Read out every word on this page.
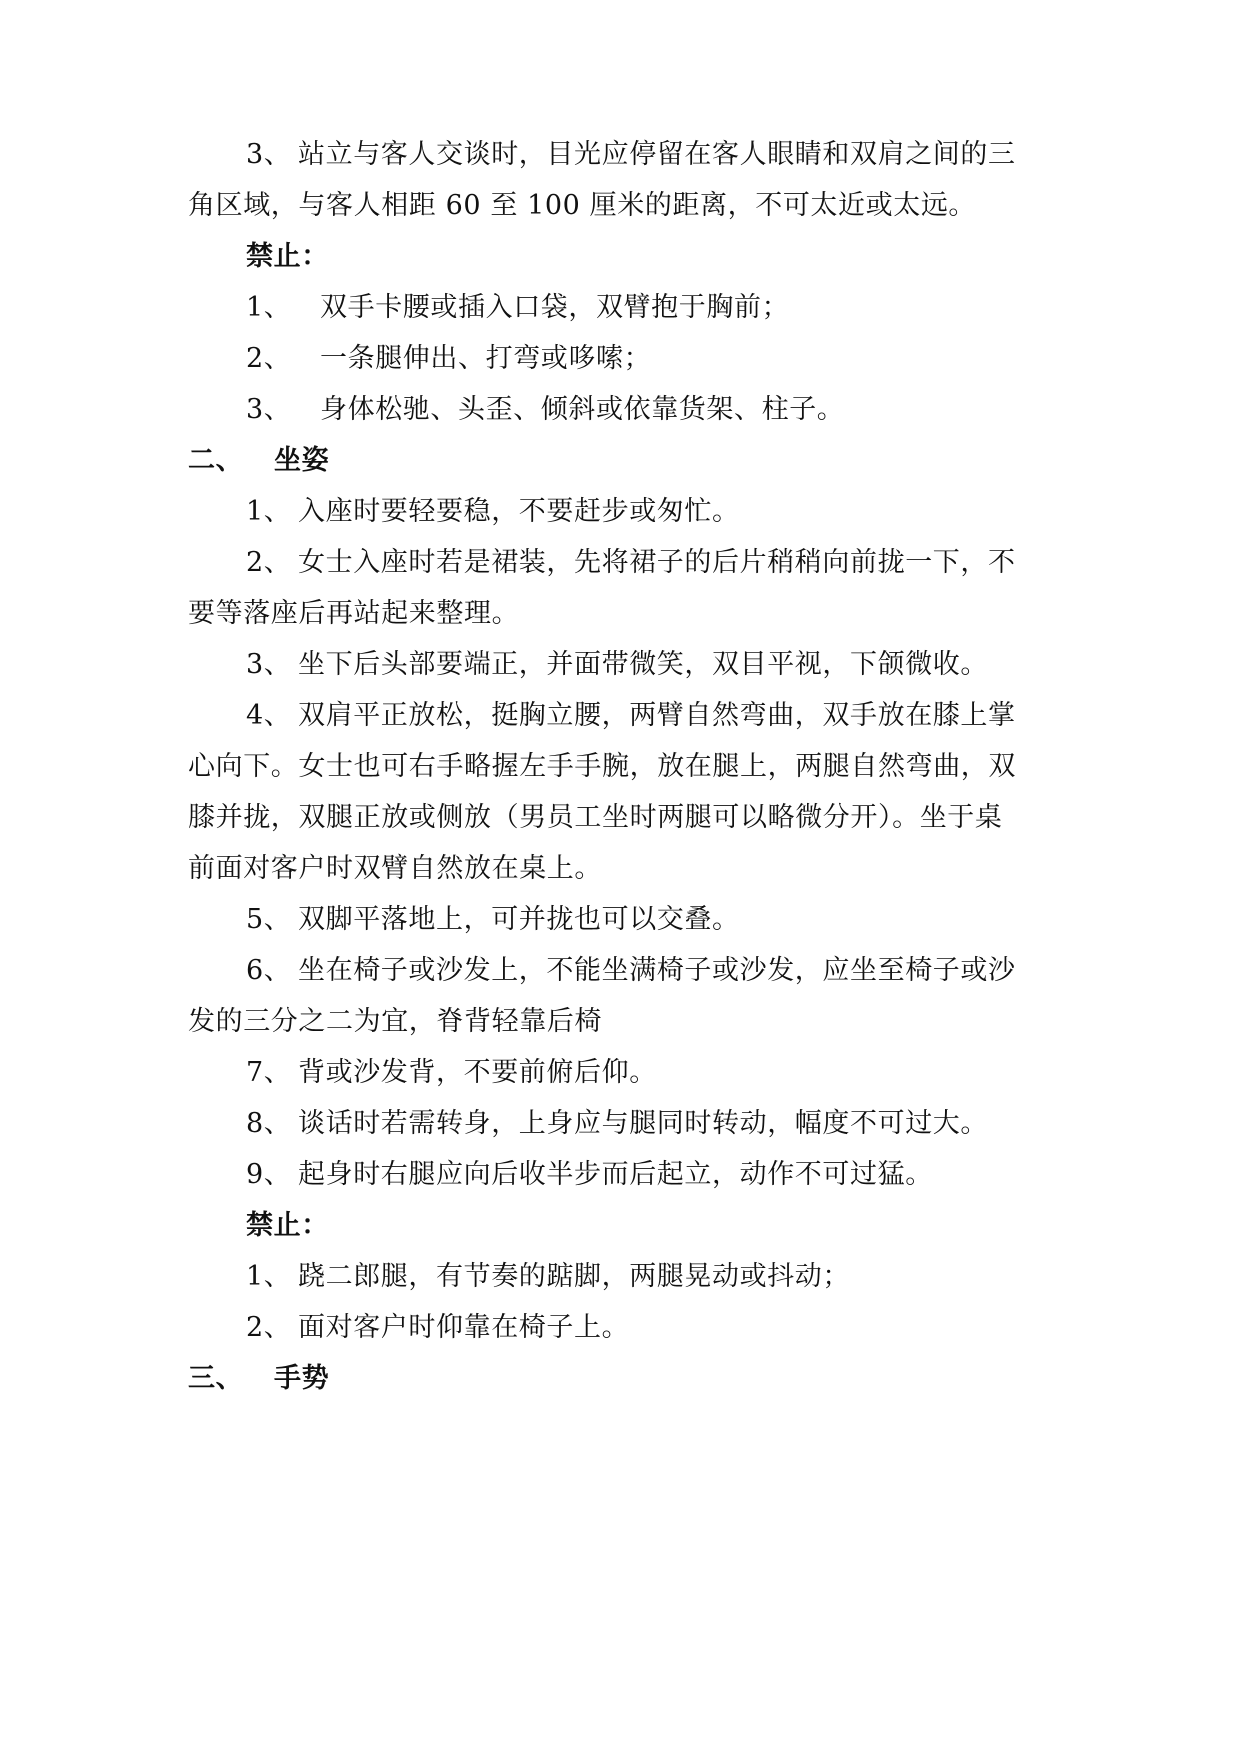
3、 站立与客人交谈时，目光应停留在客人眼睛和双肩之间的三
角区域，与客人相距 60 至 100 厘米的距离，不可太近或太远。
禁止：
1、 双手卡腰或插入口袋，双臂抱于胸前；
2、 一条腿伸出、打弯或哆嗦；
3、 身体松驰、头歪、倾斜或依靠货架、柱子。
二、 坐姿
1、 入座时要轻要稳，不要赶步或匆忙。
2、 女士入座时若是裙装，先将裙子的后片稍稍向前拢一下，不
要等落座后再站起来整理。
3、 坐下后头部要端正，并面带微笑，双目平视，下颌微收。
4、 双肩平正放松，挺胸立腰，两臂自然弯曲，双手放在膝上掌
心向下。女士也可右手略握左手手腕，放在腿上，两腿自然弯曲，双
膝并拢，双腿正放或侧放（男员工坐时两腿可以略微分开）。坐于桌
前面对客户时双臂自然放在桌上。
5、 双脚平落地上，可并拢也可以交叠。
6、 坐在椅子或沙发上，不能坐满椅子或沙发，应坐至椅子或沙
发的三分之二为宜，脊背轻靠后椅
7、 背或沙发背，不要前俯后仰。
8、 谈话时若需转身，上身应与腿同时转动，幅度不可过大。
9、 起身时右腿应向后收半步而后起立，动作不可过猛。
禁止：
1、 跷二郎腿，有节奏的踮脚，两腿晃动或抖动；
2、 面对客户时仰靠在椅子上。
三、 手势
